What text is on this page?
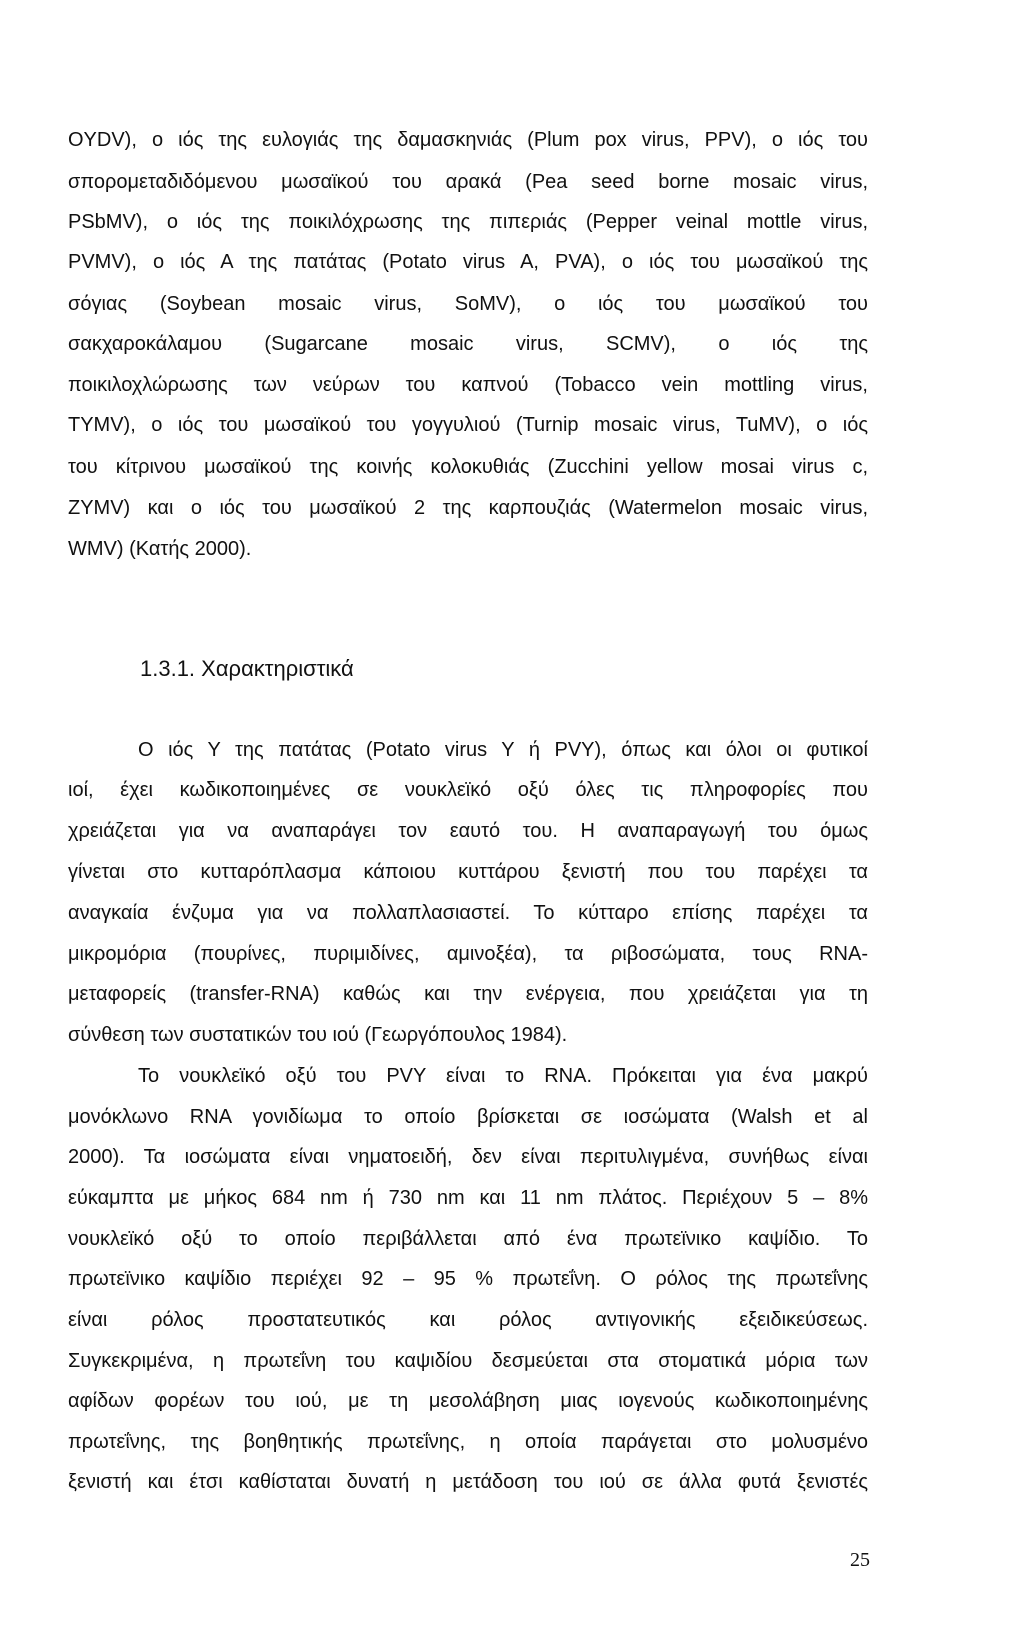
OYDV), ο ιός της ευλογιάς της δαμασκηνιάς (Plum pox virus, PPV), ο ιός του
σπορομεταδιδόμενου μωσαϊκού του αρακά (Pea seed borne mosaic virus,
PSbMV), ο ιός της ποικιλόχρωσης της πιπεριάς (Pepper veinal mottle virus,
PVMV), ο ιός Α της πατάτας (Potato virus A, PVA), ο ιός του μωσαϊκού της
σόγιας (Soybean mosaic virus, SoMV), ο ιός του μωσαϊκού του
σακχαροκάλαμου (Sugarcane mosaic virus, SCMV), ο ιός της
ποικιλοχλώρωσης των νεύρων του καπνού (Tobacco vein mottling virus,
TYMV), ο ιός του μωσαϊκού του γογγυλιού (Turnip mosaic virus, TuMV), ο ιός
του κίτρινου μωσαϊκού της κοινής κολοκυθιάς (Zucchini yellow mosai virus c,
ZYMV) και ο ιός του μωσαϊκού 2 της καρπουζιάς (Watermelon mosaic virus,
WMV) (Κατής 2000).
1.3.1. Χαρακτηριστικά
Ο ιός Υ της πατάτας (Potato virus Y ή PVY), όπως και όλοι οι φυτικοί
ιοί, έχει κωδικοποιημένες σε νουκλεϊκό οξύ όλες τις πληροφορίες που
χρειάζεται για να αναπαράγει τον εαυτό του. Η αναπαραγωγή του όμως
γίνεται στο κυτταρόπλασμα κάποιου κυττάρου ξενιστή που του παρέχει τα
αναγκαία ένζυμα για να πολλαπλασιαστεί. Το κύτταρο επίσης παρέχει τα
μικρομόρια (πουρίνες, πυριμιδίνες, αμινοξέα), τα ριβοσώματα, τους RNA-
μεταφορείς (transfer-RNA) καθώς και την ενέργεια, που χρειάζεται για τη
σύνθεση των συστατικών του ιού (Γεωργόπουλος 1984).
Το νουκλεϊκό οξύ του PVY είναι το RNA. Πρόκειται για ένα μακρύ
μονόκλωνο RNA γονιδίωμα το οποίο βρίσκεται σε ιοσώματα (Walsh et al
2000). Τα ιοσώματα είναι νηματοειδή, δεν είναι περιτυλιγμένα, συνήθως είναι
εύκαμπτα με μήκος 684 nm ή 730 nm και 11 nm πλάτος. Περιέχουν 5 – 8%
νουκλεϊκό οξύ το οποίο περιβάλλεται από ένα πρωτεϊνικο καψίδιο. Το
πρωτεϊνικο καψίδιο περιέχει 92 – 95 % πρωτεΐνη. Ο ρόλος της πρωτεΐνης
είναι ρόλος προστατευτικός και ρόλος αντιγονικής εξειδικεύσεως.
Συγκεκριμένα, η πρωτεΐνη του καψιδίου δεσμεύεται στα στοματικά μόρια των
αφίδων φορέων του ιού, με τη μεσολάβηση μιας ιογενούς κωδικοποιημένης
πρωτεΐνης, της βοηθητικής πρωτεΐνης, η οποία παράγεται στο μολυσμένο
ξενιστή και έτσι καθίσταται δυνατή η μετάδοση του ιού σε άλλα φυτά ξενιστές
25
